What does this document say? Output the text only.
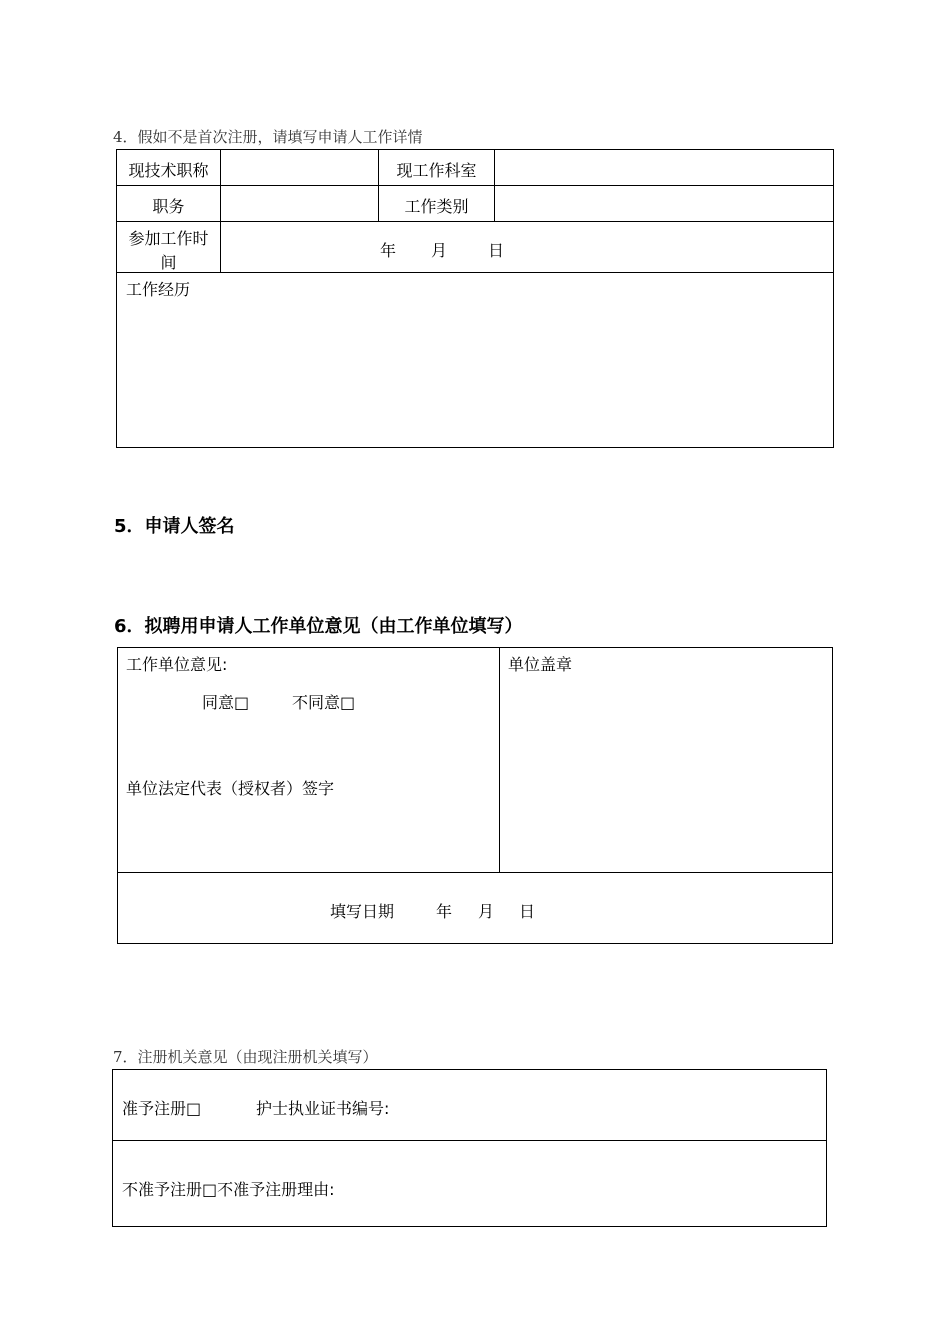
4．假如不是首次注册，请填写申请人工作详情
现技术职称	现工作科室
职务	工作类别
参加工作时
间
年 月	日
工作经历
5．申请人签名
6．拟聘用申请人工作单位意见（由工作单位填写）
工作单位意见:
同意□	不同意□
单位法定代表（授权者）签字
单位盖章
填写日期	年 月 日
7．注册机关意见（由现注册机关填写）
准予注册□	护士执业证书编号:
不准予注册□不准予注册理由:
